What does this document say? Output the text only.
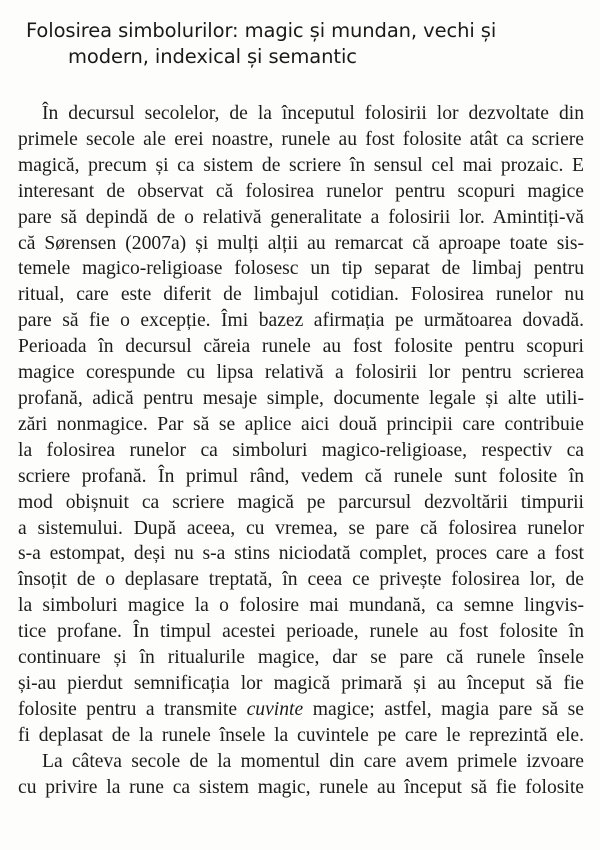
Folosirea simbolurilor: magic și mundan, vechi și
modern, indexical și semantic

În decursul secolelor, de la începutul folosirii lor dezvoltate din
primele secole ale erei noastre, runele au fost folosite atât ca scriere
magică, precum și ca sistem de scriere în sensul cel mai prozaic. E
interesant de observat că folosirea runelor pentru scopuri magice
pare să depindă de o relativă generalitate a folosirii lor. Amintiți-vă
că Sørensen (2007a) și mulți alții au remarcat că aproape toate sis-
temele magico-religioase folosesc un tip separat de limbaj pentru
ritual, care este diferit de limbajul cotidian. Folosirea runelor nu
pare să fie o excepție. Îmi bazez afirmația pe următoarea dovadă.
Perioada în decursul căreia runele au fost folosite pentru scopuri
magice corespunde cu lipsa relativă a folosirii lor pentru scrierea
profană, adică pentru mesaje simple, documente legale și alte utili-
zări nonmagice. Par să se aplice aici două principii care contribuie
la folosirea runelor ca simboluri magico-religioase, respectiv ca
scriere profană. În primul rând, vedem că runele sunt folosite în
mod obișnuit ca scriere magică pe parcursul dezvoltării timpurii
a sistemului. După aceea, cu vremea, se pare că folosirea runelor
s-a estompat, deși nu s-a stins niciodată complet, proces care a fost
însoțit de o deplasare treptată, în ceea ce privește folosirea lor, de
la simboluri magice la o folosire mai mundană, ca semne lingvis-
tice profane. În timpul acestei perioade, runele au fost folosite în
continuare și în ritualurile magice, dar se pare că runele însele
și-au pierdut semnificația lor magică primară și au început să fie
folosite pentru a transmite cuvinte magice; astfel, magia pare să se
fi deplasat de la runele însele la cuvintele pe care le reprezintă ele.

La câteva secole de la momentul din care avem primele izvoare
cu privire la rune ca sistem magic, runele au început să fie folosite
